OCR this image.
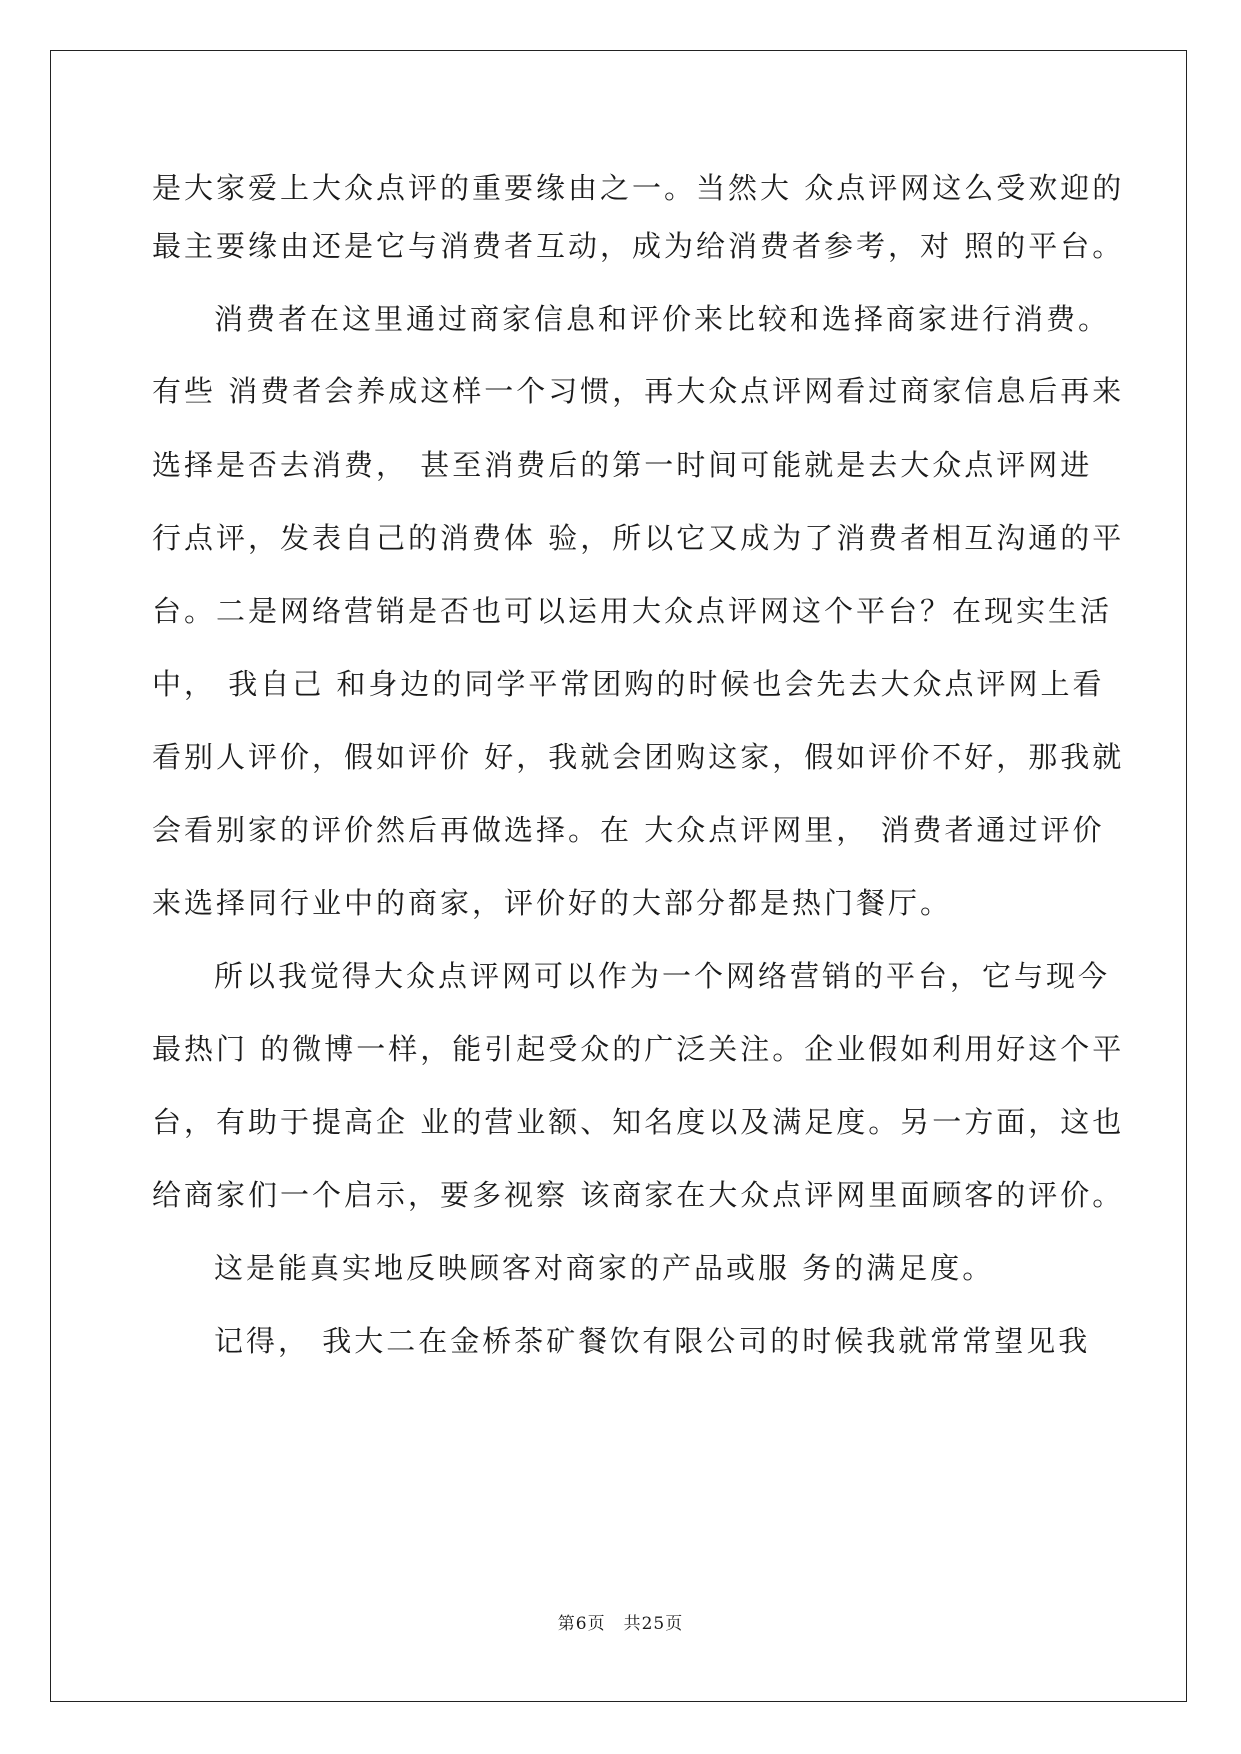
是大家爱上大众点评的重要缘由之一。当然大 众点评网这么受欢迎的
最主要缘由还是它与消费者互动，成为给消费者参考，对 照的平台。
消费者在这里通过商家信息和评价来比较和选择商家进行消费。
有些 消费者会养成这样一个习惯，再大众点评网看过商家信息后再来
选择是否去消费， 甚至消费后的第一时间可能就是去大众点评网进
行点评，发表自己的消费体 验，所以它又成为了消费者相互沟通的平
台。二是网络营销是否也可以运用大众点评网这个平台？在现实生活
中， 我自己 和身边的同学平常团购的时候也会先去大众点评网上看
看别人评价，假如评价 好，我就会团购这家，假如评价不好，那我就
会看别家的评价然后再做选择。在 大众点评网里， 消费者通过评价
来选择同行业中的商家，评价好的大部分都是热门餐厅。
所以我觉得大众点评网可以作为一个网络营销的平台，它与现今
最热门 的微博一样，能引起受众的广泛关注。企业假如利用好这个平
台，有助于提高企 业的营业额、知名度以及满足度。另一方面，这也
给商家们一个启示，要多视察 该商家在大众点评网里面顾客的评价。
这是能真实地反映顾客对商家的产品或服 务的满足度。
记得， 我大二在金桥茶矿餐饮有限公司的时候我就常常望见我
第6页　共25页
